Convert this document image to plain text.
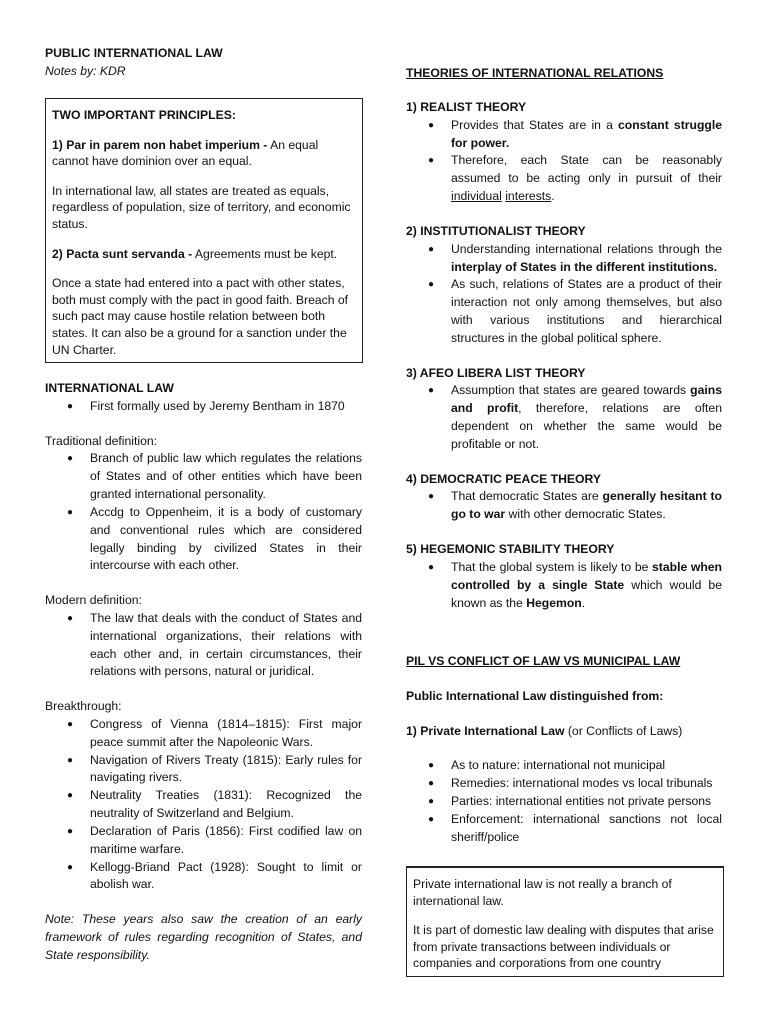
PUBLIC INTERNATIONAL LAW

Notes by: KDR

TWO IMPORTANT PRINCIPLES:

1) Par in parem non habet imperium - An equal cannot have dominion over an equal.

In international law, all states are treated as equals, regardless of population, size of territory, and economic status.

2) Pacta sunt servanda - Agreements must be kept.

Once a state had entered into a pact with other states, both must comply with the pact in good faith. Breach of such pact may cause hostile relation between both states. It can also be a ground for a sanction under the UN Charter.

INTERNATIONAL LAW

● First formally used by Jeremy Bentham in 1870

Traditional definition:

● Branch of public law which regulates the relations of States and of other entities which have been granted international personality.
● Accdg to Oppenheim, it is a body of customary and conventional rules which are considered legally binding by civilized States in their intercourse with each other.

Modern definition:

● The law that deals with the conduct of States and international organizations, their relations with each other and, in certain circumstances, their relations with persons, natural or juridical.

Breakthrough:

● Congress of Vienna (1814–1815): First major peace summit after the Napoleonic Wars.
● Navigation of Rivers Treaty (1815): Early rules for navigating rivers.
● Neutrality Treaties (1831): Recognized the neutrality of Switzerland and Belgium.
● Declaration of Paris (1856): First codified law on maritime warfare.
● Kellogg-Briand Pact (1928): Sought to limit or abolish war.

Note: These years also saw the creation of an early framework of rules regarding recognition of States, and State responsibility.

THEORIES OF INTERNATIONAL RELATIONS

1) REALIST THEORY

● Provides that States are in a constant struggle for power.
● Therefore, each State can be reasonably assumed to be acting only in pursuit of their individual interests.

2) INSTITUTIONALIST THEORY

● Understanding international relations through the interplay of States in the different institutions.
● As such, relations of States are a product of their interaction not only among themselves, but also with various institutions and hierarchical structures in the global political sphere.

3) AFEO LIBERA LIST THEORY

● Assumption that states are geared towards gains and profit, therefore, relations are often dependent on whether the same would be profitable or not.

4) DEMOCRATIC PEACE THEORY

● That democratic States are generally hesitant to go to war with other democratic States.

5) HEGEMONIC STABILITY THEORY

● That the global system is likely to be stable when controlled by a single State which would be known as the Hegemon.

PIL VS CONFLICT OF LAW VS MUNICIPAL LAW

Public International Law distinguished from:

1) Private International Law (or Conflicts of Laws)

● As to nature: international not municipal
● Remedies: international modes vs local tribunals
● Parties: international entities not private persons
● Enforcement: international sanctions not local sheriff/police

Private international law is not really a branch of international law.

It is part of domestic law dealing with disputes that arise from private transactions between individuals or companies and corporations from one country
